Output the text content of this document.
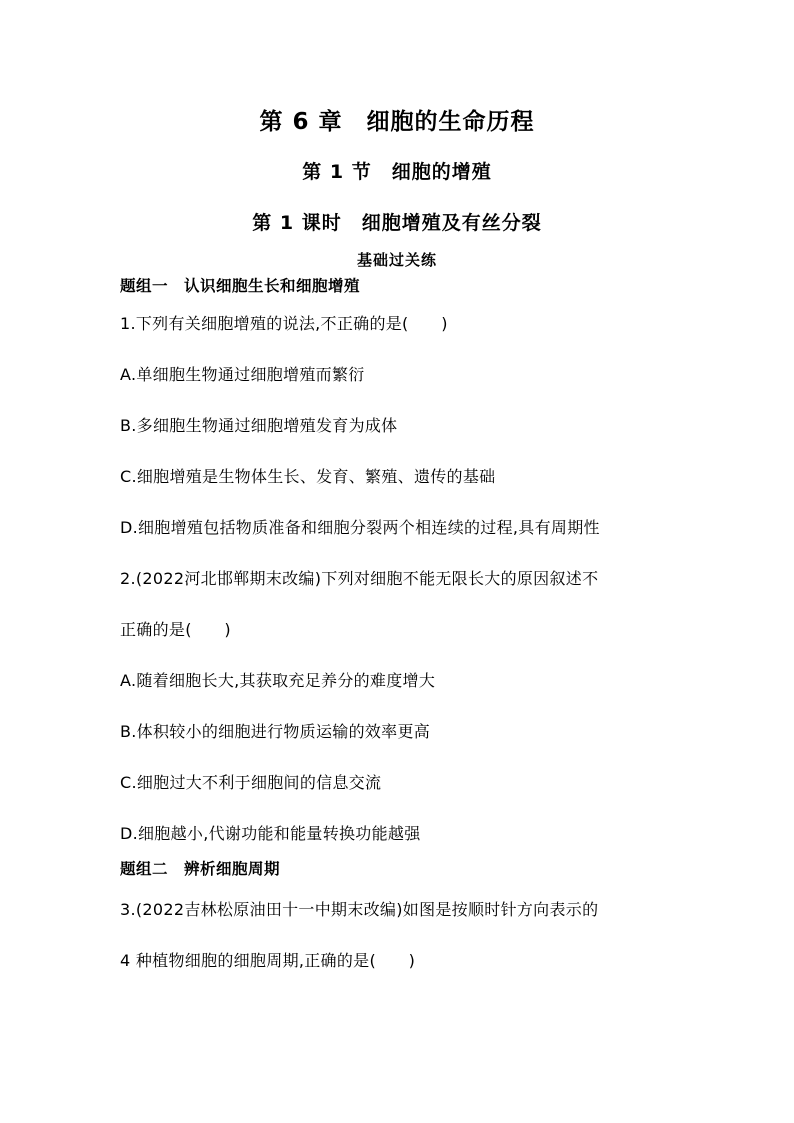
第 6 章　细胞的生命历程
第 1 节　细胞的增殖
第 1 课时　细胞增殖及有丝分裂
基础过关练
题组一　认识细胞生长和细胞增殖
1.下列有关细胞增殖的说法,不正确的是(　　)
A.单细胞生物通过细胞增殖而繁衍
B.多细胞生物通过细胞增殖发育为成体
C.细胞增殖是生物体生长、发育、繁殖、遗传的基础
D.细胞增殖包括物质准备和细胞分裂两个相连续的过程,具有周期性
2.(2022河北邯郸期末改编)下列对细胞不能无限长大的原因叙述不
正确的是(　　)
A.随着细胞长大,其获取充足养分的难度增大
B.体积较小的细胞进行物质运输的效率更高
C.细胞过大不利于细胞间的信息交流
D.细胞越小,代谢功能和能量转换功能越强
题组二　辨析细胞周期
3.(2022吉林松原油田十一中期末改编)如图是按顺时针方向表示的
4 种植物细胞的细胞周期,正确的是(　　)
